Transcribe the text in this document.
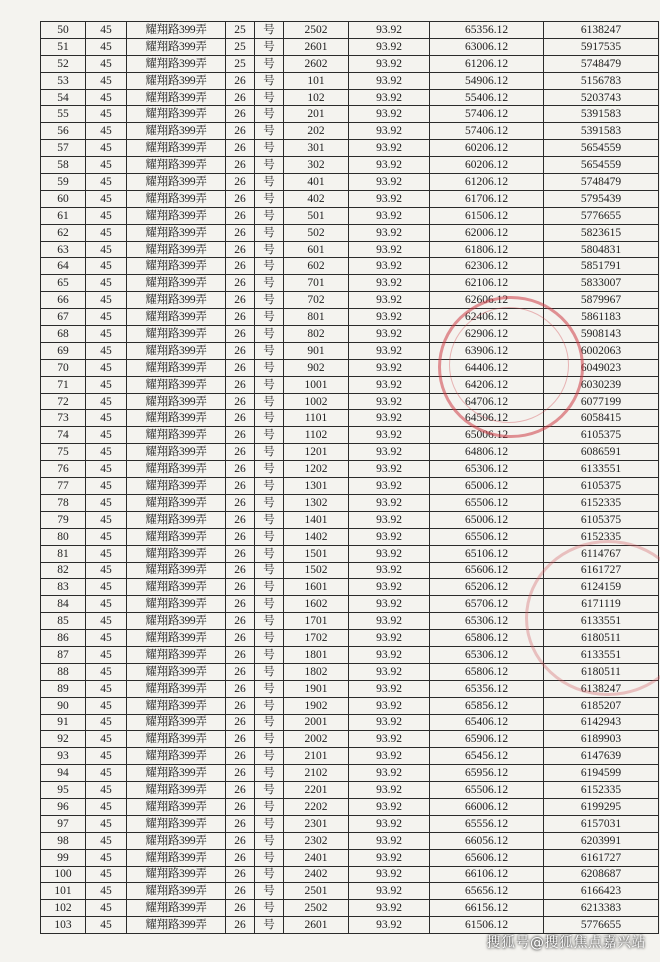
50	45	耀翔路399弄	25	号	2502	93.92	65356.12	6138247
51	45	耀翔路399弄	25	号	2601	93.92	63006.12	5917535
52	45	耀翔路399弄	25	号	2602	93.92	61206.12	5748479
53	45	耀翔路399弄	26	号	101	93.92	54906.12	5156783
54	45	耀翔路399弄	26	号	102	93.92	55406.12	5203743
55	45	耀翔路399弄	26	号	201	93.92	57406.12	5391583
56	45	耀翔路399弄	26	号	202	93.92	57406.12	5391583
57	45	耀翔路399弄	26	号	301	93.92	60206.12	5654559
58	45	耀翔路399弄	26	号	302	93.92	60206.12	5654559
59	45	耀翔路399弄	26	号	401	93.92	61206.12	5748479
60	45	耀翔路399弄	26	号	402	93.92	61706.12	5795439
61	45	耀翔路399弄	26	号	501	93.92	61506.12	5776655
62	45	耀翔路399弄	26	号	502	93.92	62006.12	5823615
63	45	耀翔路399弄	26	号	601	93.92	61806.12	5804831
64	45	耀翔路399弄	26	号	602	93.92	62306.12	5851791
65	45	耀翔路399弄	26	号	701	93.92	62106.12	5833007
66	45	耀翔路399弄	26	号	702	93.92	62606.12	5879967
67	45	耀翔路399弄	26	号	801	93.92	62406.12	5861183
68	45	耀翔路399弄	26	号	802	93.92	62906.12	5908143
69	45	耀翔路399弄	26	号	901	93.92	63906.12	6002063
70	45	耀翔路399弄	26	号	902	93.92	64406.12	6049023
71	45	耀翔路399弄	26	号	1001	93.92	64206.12	6030239
72	45	耀翔路399弄	26	号	1002	93.92	64706.12	6077199
73	45	耀翔路399弄	26	号	1101	93.92	64506.12	6058415
74	45	耀翔路399弄	26	号	1102	93.92	65006.12	6105375
75	45	耀翔路399弄	26	号	1201	93.92	64806.12	6086591
76	45	耀翔路399弄	26	号	1202	93.92	65306.12	6133551
77	45	耀翔路399弄	26	号	1301	93.92	65006.12	6105375
78	45	耀翔路399弄	26	号	1302	93.92	65506.12	6152335
79	45	耀翔路399弄	26	号	1401	93.92	65006.12	6105375
80	45	耀翔路399弄	26	号	1402	93.92	65506.12	6152335
81	45	耀翔路399弄	26	号	1501	93.92	65106.12	6114767
82	45	耀翔路399弄	26	号	1502	93.92	65606.12	6161727
83	45	耀翔路399弄	26	号	1601	93.92	65206.12	6124159
84	45	耀翔路399弄	26	号	1602	93.92	65706.12	6171119
85	45	耀翔路399弄	26	号	1701	93.92	65306.12	6133551
86	45	耀翔路399弄	26	号	1702	93.92	65806.12	6180511
87	45	耀翔路399弄	26	号	1801	93.92	65306.12	6133551
88	45	耀翔路399弄	26	号	1802	93.92	65806.12	6180511
89	45	耀翔路399弄	26	号	1901	93.92	65356.12	6138247
90	45	耀翔路399弄	26	号	1902	93.92	65856.12	6185207
91	45	耀翔路399弄	26	号	2001	93.92	65406.12	6142943
92	45	耀翔路399弄	26	号	2002	93.92	65906.12	6189903
93	45	耀翔路399弄	26	号	2101	93.92	65456.12	6147639
94	45	耀翔路399弄	26	号	2102	93.92	65956.12	6194599
95	45	耀翔路399弄	26	号	2201	93.92	65506.12	6152335
96	45	耀翔路399弄	26	号	2202	93.92	66006.12	6199295
97	45	耀翔路399弄	26	号	2301	93.92	65556.12	6157031
98	45	耀翔路399弄	26	号	2302	93.92	66056.12	6203991
99	45	耀翔路399弄	26	号	2401	93.92	65606.12	6161727
100	45	耀翔路399弄	26	号	2402	93.92	66106.12	6208687
101	45	耀翔路399弄	26	号	2501	93.92	65656.12	6166423
102	45	耀翔路399弄	26	号	2502	93.92	66156.12	6213383
103	45	耀翔路399弄	26	号	2601	93.92	61506.12	5776655
搜狐号@搜狐焦点嘉兴站
